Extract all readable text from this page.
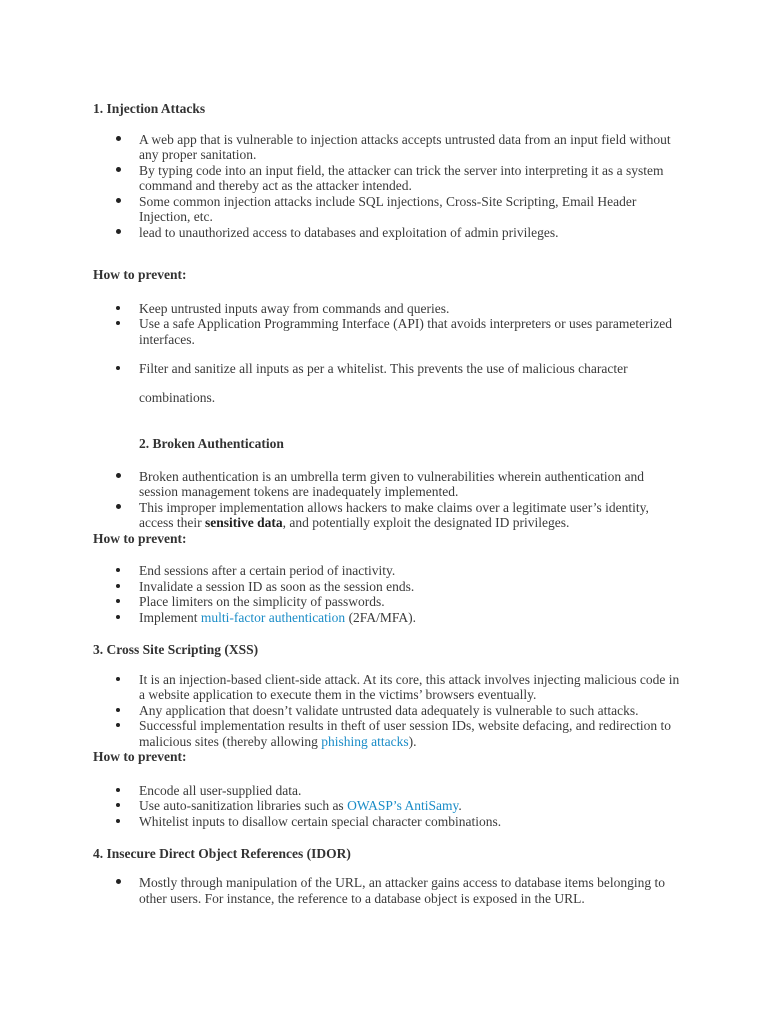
1. Injection Attacks
A web app that is vulnerable to injection attacks accepts untrusted data from an input field without any proper sanitation.
By typing code into an input field, the attacker can trick the server into interpreting it as a system command and thereby act as the attacker intended.
Some common injection attacks include SQL injections, Cross-Site Scripting, Email Header Injection, etc.
lead to unauthorized access to databases and exploitation of admin privileges.
How to prevent:
Keep untrusted inputs away from commands and queries.
Use a safe Application Programming Interface (API) that avoids interpreters or uses parameterized interfaces.
Filter and sanitize all inputs as per a whitelist. This prevents the use of malicious character
combinations.
2. Broken Authentication
Broken authentication is an umbrella term given to vulnerabilities wherein authentication and session management tokens are inadequately implemented.
This improper implementation allows hackers to make claims over a legitimate user’s identity, access their sensitive data, and potentially exploit the designated ID privileges.
How to prevent:
End sessions after a certain period of inactivity.
Invalidate a session ID as soon as the session ends.
Place limiters on the simplicity of passwords.
Implement multi-factor authentication (2FA/MFA).
3. Cross Site Scripting (XSS)
It is an injection-based client-side attack. At its core, this attack involves injecting malicious code in a website application to execute them in the victims’ browsers eventually.
Any application that doesn’t validate untrusted data adequately is vulnerable to such attacks.
Successful implementation results in theft of user session IDs, website defacing, and redirection to malicious sites (thereby allowing phishing attacks).
How to prevent:
Encode all user-supplied data.
Use auto-sanitization libraries such as OWASP’s AntiSamy.
Whitelist inputs to disallow certain special character combinations.
4. Insecure Direct Object References (IDOR)
Mostly through manipulation of the URL, an attacker gains access to database items belonging to other users. For instance, the reference to a database object is exposed in the URL.
